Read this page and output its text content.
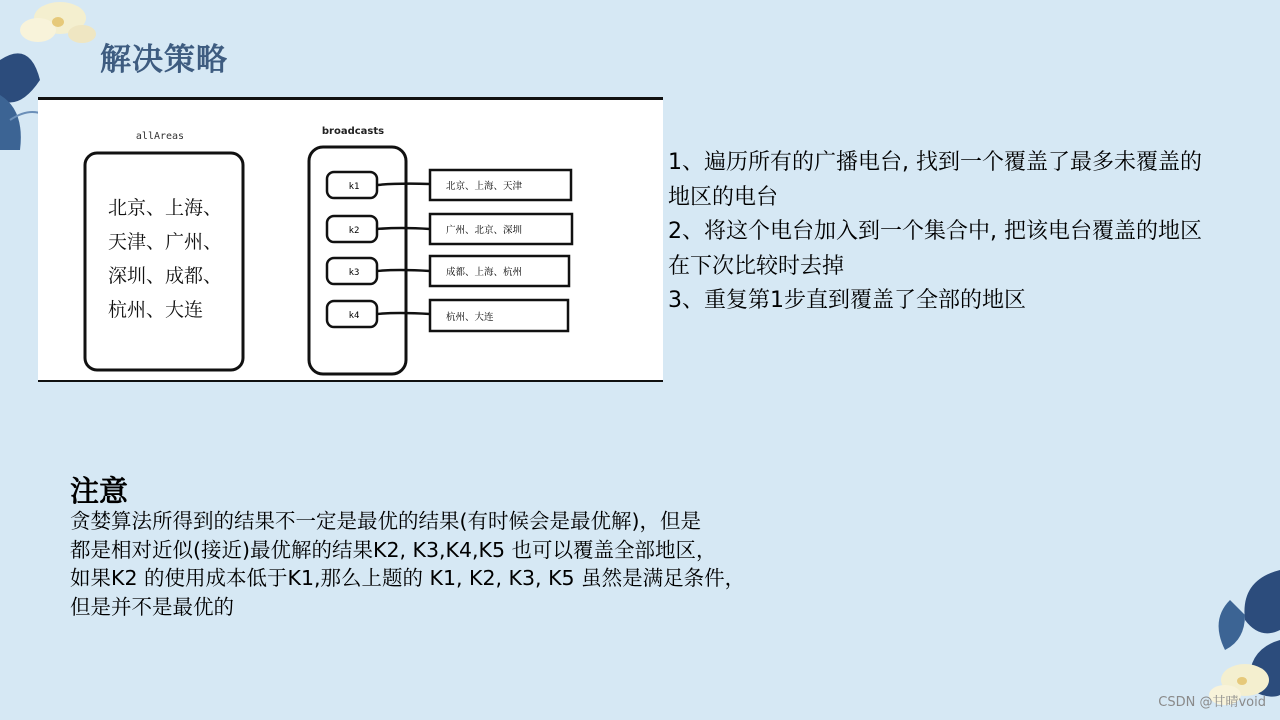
解决策略
allAreas
北京、上海、
天津、广州、
深圳、成都、
杭州、大连
broadcasts
k1	北京、上海、天津
k2	广州、北京、深圳
k3	成都、上海、杭州
k4	杭州、大连
1、遍历所有的广播电台, 找到一个覆盖了最多未覆盖的
地区的电台
2、将这个电台加入到一个集合中, 把该电台覆盖的地区
在下次比较时去掉
3、重复第1步直到覆盖了全部的地区
注意
贪婪算法所得到的结果不一定是最优的结果(有时候会是最优解)，但是
都是相对近似(接近)最优解的结果K2, K3,K4,K5 也可以覆盖全部地区，
如果K2 的使用成本低于K1,那么上题的 K1, K2, K3, K5 虽然是满足条件，
但是并不是最优的
CSDN @甘晴void
